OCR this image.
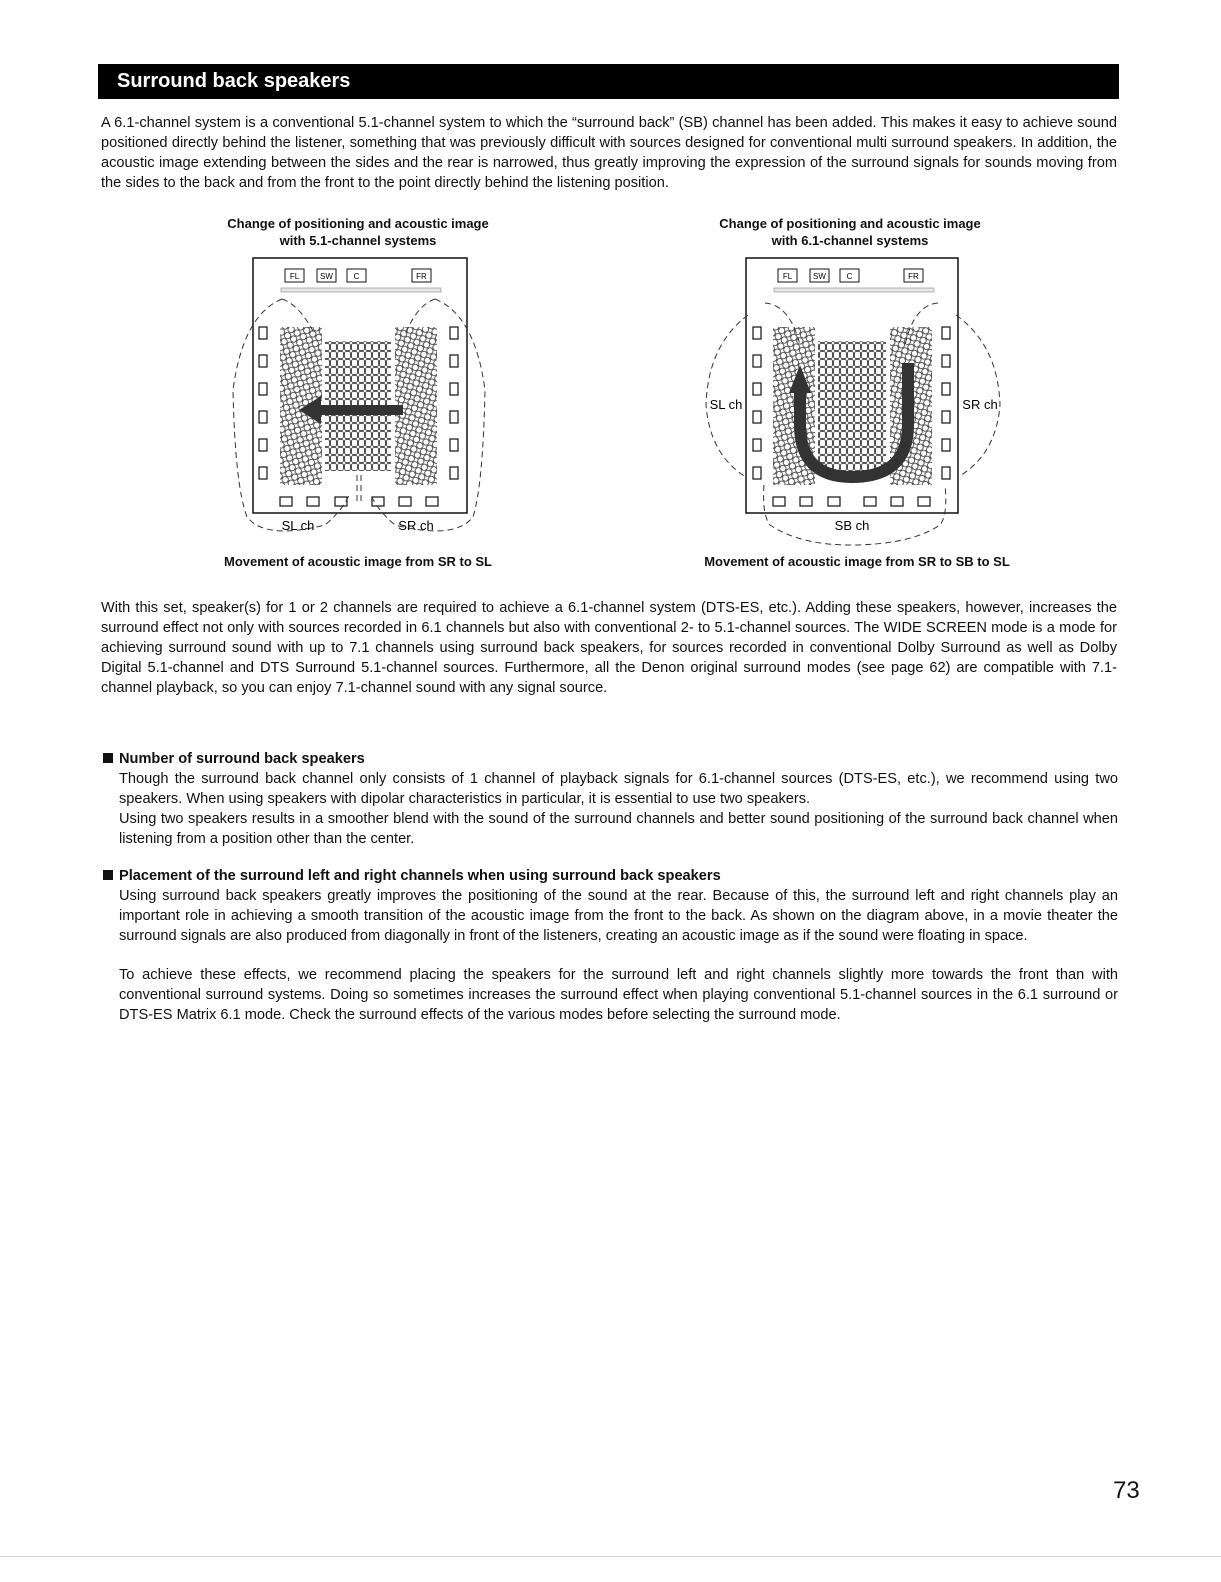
Surround back speakers

A 6.1-channel system is a conventional 5.1-channel system to which the “surround back” (SB) channel has been added. This makes it easy to achieve sound positioned directly behind the listener, something that was previously difficult with sources designed for conventional multi surround speakers. In addition, the acoustic image extending between the sides and the rear is narrowed, thus greatly improving the expression of the surround signals for sounds moving from the sides to the back and from the front to the point directly behind the listening position.

Change of positioning and acoustic image
with 5.1-channel systems
FL	SW	C	FR
SL ch	SR ch
Movement of acoustic image from SR to SL
Change of positioning and acoustic image
with 6.1-channel systems
FL	SW	C	FR
SL ch	SR ch
SB ch
Movement of acoustic image from SR to SB to SL

With this set, speaker(s) for 1 or 2 channels are required to achieve a 6.1-channel system (DTS-ES, etc.). Adding these speakers, however, increases the surround effect not only with sources recorded in 6.1 channels but also with conventional 2- to 5.1-channel sources. The WIDE SCREEN mode is a mode for achieving surround sound with up to 7.1 channels using surround back speakers, for sources recorded in conventional Dolby Surround as well as Dolby Digital 5.1-channel and DTS Surround 5.1-channel sources. Furthermore, all the Denon original surround modes (see page 62) are compatible with 7.1-channel playback, so you can enjoy 7.1-channel sound with any signal source.

Number of surround back speakers

Though the surround back channel only consists of 1 channel of playback signals for 6.1-channel sources (DTS-ES, etc.), we recommend using two speakers. When using speakers with dipolar characteristics in particular, it is essential to use two speakers.

Using two speakers results in a smoother blend with the sound of the surround channels and better sound positioning of the surround back channel when listening from a position other than the center.

Placement of the surround left and right channels when using surround back speakers

Using surround back speakers greatly improves the positioning of the sound at the rear. Because of this, the surround left and right channels play an important role in achieving a smooth transition of the acoustic image from the front to the back. As shown on the diagram above, in a movie theater the surround signals are also produced from diagonally in front of the listeners, creating an acoustic image as if the sound were floating in space.

To achieve these effects, we recommend placing the speakers for the surround left and right channels slightly more towards the front than with conventional surround systems. Doing so sometimes increases the surround effect when playing conventional 5.1-channel sources in the 6.1 surround or DTS-ES Matrix 6.1 mode. Check the surround effects of the various modes before selecting the surround mode.

73
